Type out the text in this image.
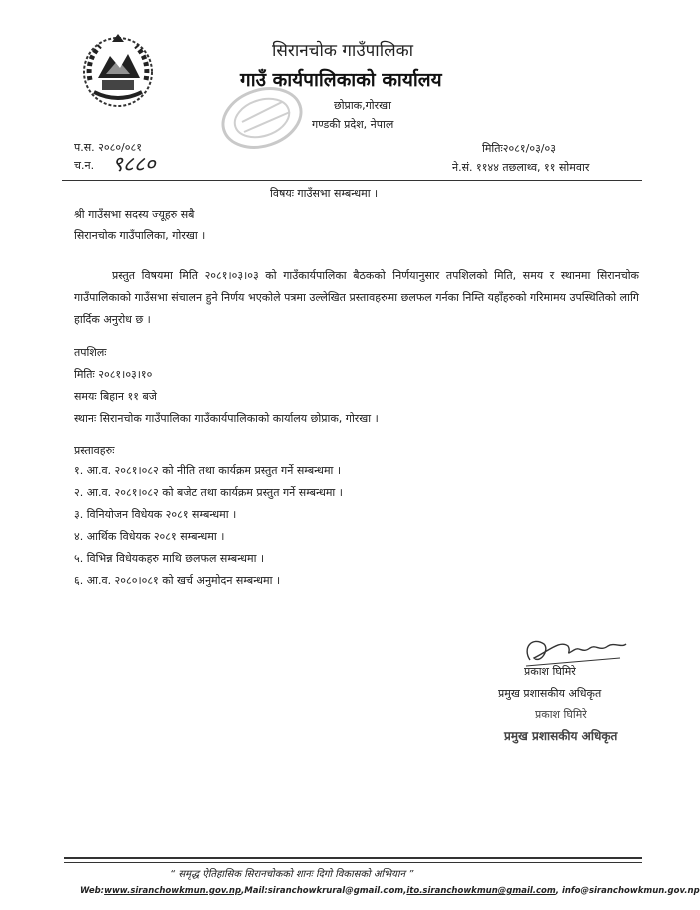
सिरानचोक गाउँपालिका
गाउँ कार्यपालिकाको कार्यालय
छोप्राक,गोरखा
गण्डकी प्रदेश, नेपाल
प.स. २०८०/०८१
च.न. ९८८०
मितिः२०८१/०३/०३
ने.सं. ११४४ तछलाथ्व, ११ सोमवार
विषयः गाउँसभा सम्बन्धमा ।
श्री गाउँसभा सदस्य ज्यूहरु सबै
सिरानचोक गाउँपालिका, गोरखा ।
प्रस्तुत विषयमा मिति २०८१।०३।०३ को गाउँकार्यपालिका बैठकको निर्णयानुसार तपशिलको मिति, समय र स्थानमा सिरानचोक गाउँपालिकाको गाउँसभा संचालन हुने निर्णय भएकोले पत्रमा उल्लेखित प्रस्तावहरुमा छलफल गर्नका निम्ति यहाँहरुको गरिमामय उपस्थितिको लागि हार्दिक अनुरोध छ ।
तपशिलः
मितिः २०८१।०३।१०
समयः बिहान ११ बजे
स्थानः सिरानचोक गाउँपालिका गाउँकार्यपालिकाको कार्यालय छोप्राक, गोरखा ।
प्रस्तावहरुः
१. आ.व. २०८१।०८२ को नीति तथा कार्यक्रम प्रस्तुत गर्ने सम्बन्धमा ।
२. आ.व. २०८१।०८२ को बजेट तथा कार्यक्रम प्रस्तुत गर्ने सम्बन्धमा ।
३. विनियोजन विधेयक २०८१ सम्बन्धमा ।
४. आर्थिक विधेयक २०८१ सम्बन्धमा ।
५. विभिन्न विधेयकहरु माथि छलफल सम्बन्धमा ।
६. आ.व. २०८०।०८१ को खर्च अनुमोदन सम्बन्धमा ।
प्रकाश घिमिरे
प्रमुख प्रशासकीय अधिकृत
प्रकाश घिमिरे
प्रमुख प्रशासकीय अधिकृत
“ समृद्ध ऐतिहासिक सिरानचोकको शानः दिगो विकासको अभियान ”
Web:www.siranchowkmun.gov.np,Mail:siranchowkrural@gmail.com,ito.siranchowkmun@gmail.com, info@siranchowkmun.gov.np
